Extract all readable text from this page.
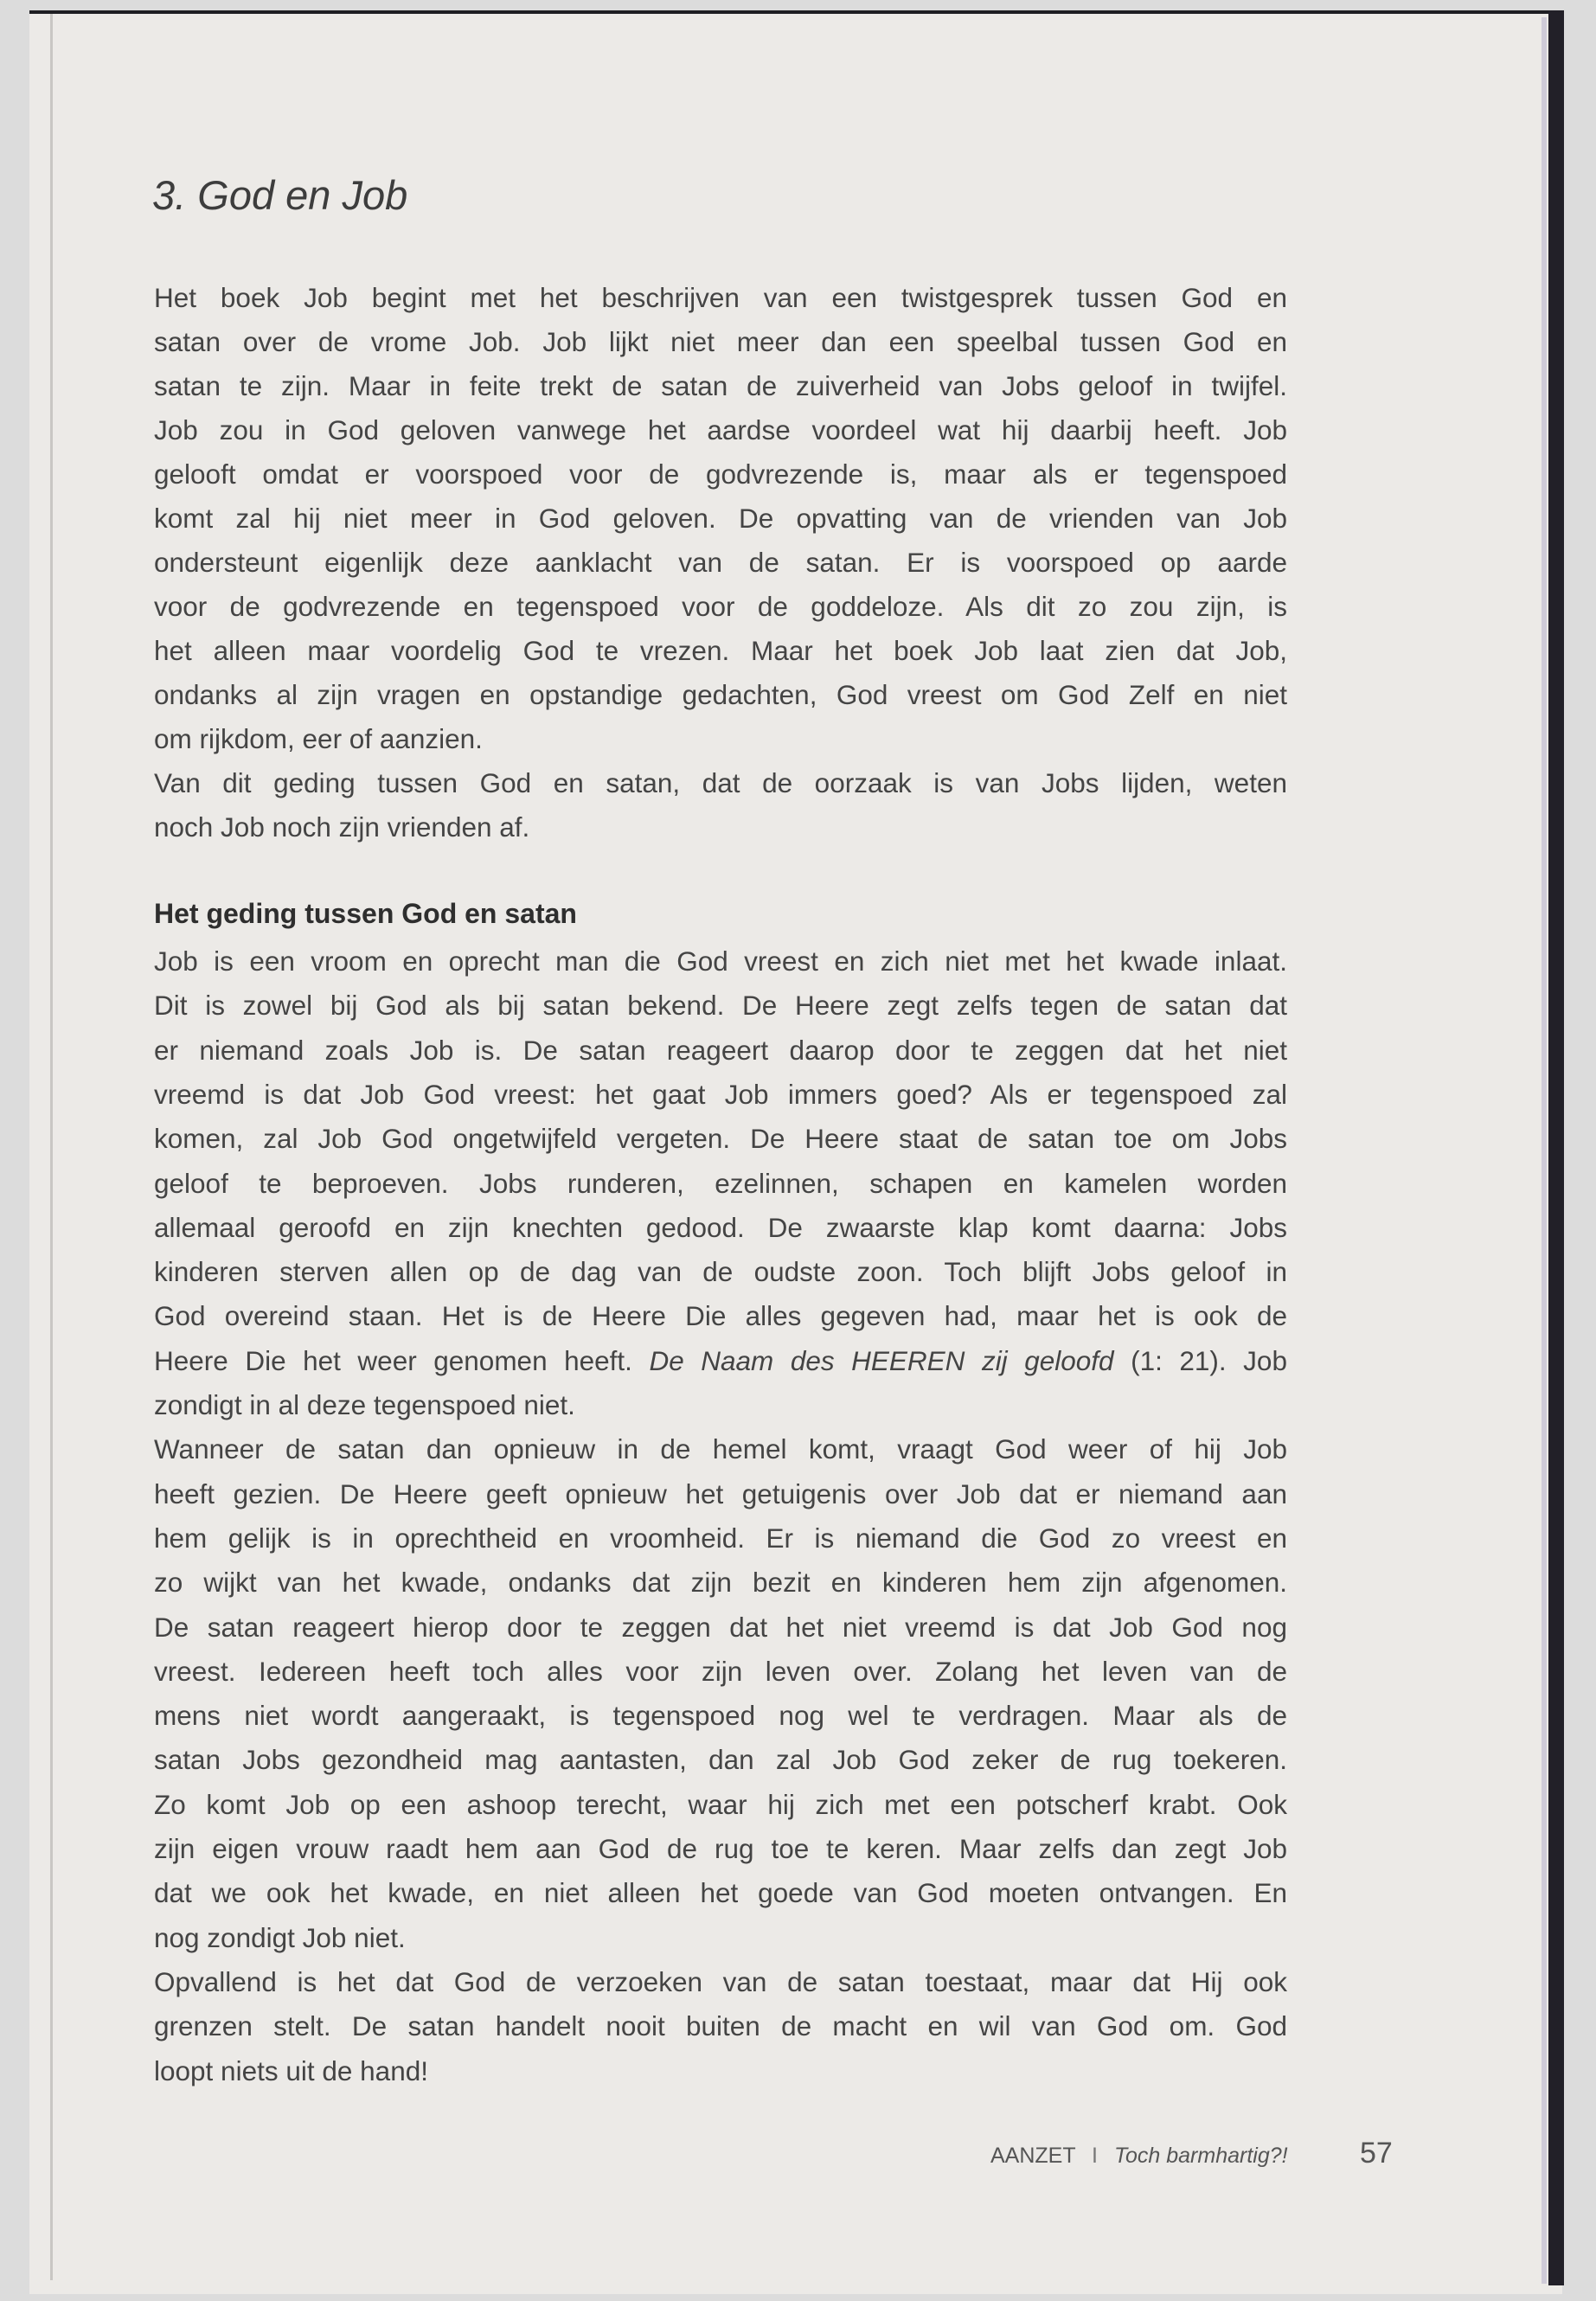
3. God en Job
Het boek Job begint met het beschrijven van een twistgesprek tussen God en
satan over de vrome Job. Job lijkt niet meer dan een speelbal tussen God en
satan te zijn. Maar in feite trekt de satan de zuiverheid van Jobs geloof in twijfel.
Job zou in God geloven vanwege het aardse voordeel wat hij daarbij heeft. Job
gelooft omdat er voorspoed voor de godvrezende is, maar als er tegenspoed
komt zal hij niet meer in God geloven. De opvatting van de vrienden van Job
ondersteunt eigenlijk deze aanklacht van de satan. Er is voorspoed op aarde
voor de godvrezende en tegenspoed voor de goddeloze. Als dit zo zou zijn, is
het alleen maar voordelig God te vrezen. Maar het boek Job laat zien dat Job,
ondanks al zijn vragen en opstandige gedachten, God vreest om God Zelf en niet
om rijkdom, eer of aanzien.
Van dit geding tussen God en satan, dat de oorzaak is van Jobs lijden, weten
noch Job noch zijn vrienden af.
Het geding tussen God en satan
Job is een vroom en oprecht man die God vreest en zich niet met het kwade inlaat.
Dit is zowel bij God als bij satan bekend. De Heere zegt zelfs tegen de satan dat
er niemand zoals Job is. De satan reageert daarop door te zeggen dat het niet
vreemd is dat Job God vreest: het gaat Job immers goed? Als er tegenspoed zal
komen, zal Job God ongetwijfeld vergeten. De Heere staat de satan toe om Jobs
geloof te beproeven. Jobs runderen, ezelinnen, schapen en kamelen worden
allemaal geroofd en zijn knechten gedood. De zwaarste klap komt daarna: Jobs
kinderen sterven allen op de dag van de oudste zoon. Toch blijft Jobs geloof in
God overeind staan. Het is de Heere Die alles gegeven had, maar het is ook de
Heere Die het weer genomen heeft. De Naam des HEEREN zij geloofd (1: 21). Job
zondigt in al deze tegenspoed niet.
Wanneer de satan dan opnieuw in de hemel komt, vraagt God weer of hij Job
heeft gezien. De Heere geeft opnieuw het getuigenis over Job dat er niemand aan
hem gelijk is in oprechtheid en vroomheid. Er is niemand die God zo vreest en
zo wijkt van het kwade, ondanks dat zijn bezit en kinderen hem zijn afgenomen.
De satan reageert hierop door te zeggen dat het niet vreemd is dat Job God nog
vreest. Iedereen heeft toch alles voor zijn leven over. Zolang het leven van de
mens niet wordt aangeraakt, is tegenspoed nog wel te verdragen. Maar als de
satan Jobs gezondheid mag aantasten, dan zal Job God zeker de rug toekeren.
Zo komt Job op een ashoop terecht, waar hij zich met een potscherf krabt. Ook
zijn eigen vrouw raadt hem aan God de rug toe te keren. Maar zelfs dan zegt Job
dat we ook het kwade, en niet alleen het goede van God moeten ontvangen. En
nog zondigt Job niet.
Opvallend is het dat God de verzoeken van de satan toestaat, maar dat Hij ook
grenzen stelt. De satan handelt nooit buiten de macht en wil van God om. God
loopt niets uit de hand!
AANZET I Toch barmhartig?! 57
